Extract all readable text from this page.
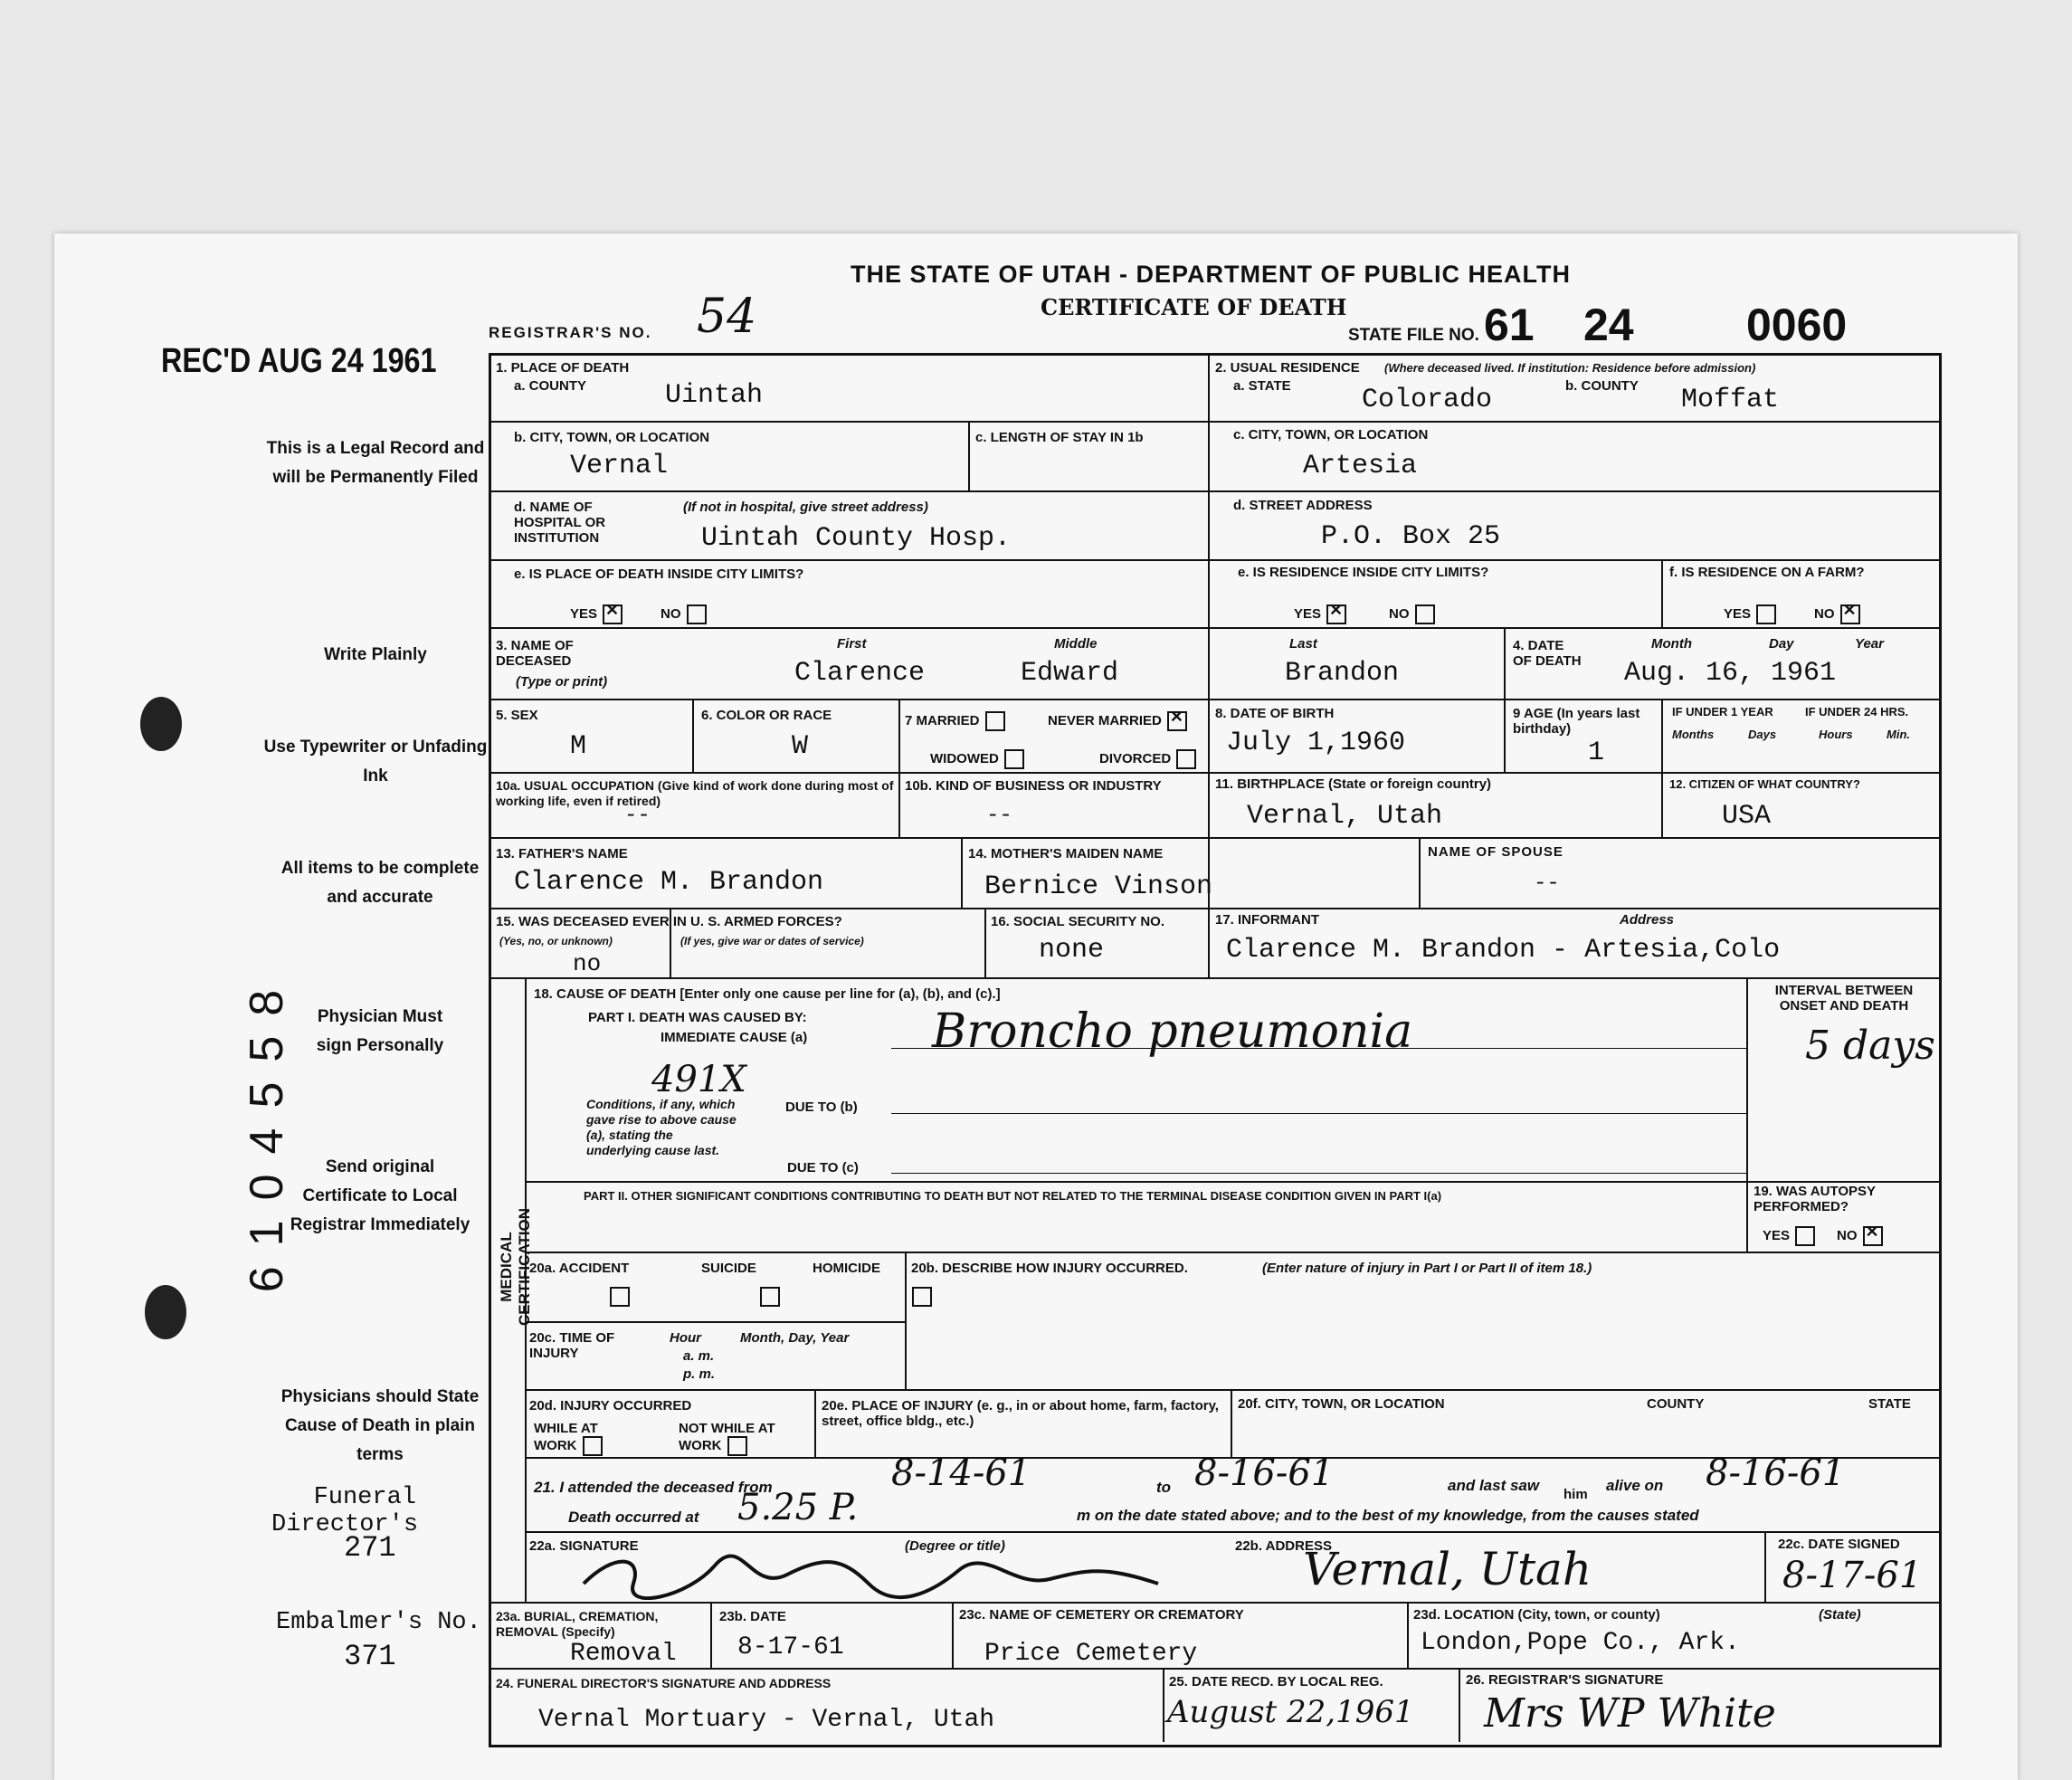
THE STATE OF UTAH - DEPARTMENT OF PUBLIC HEALTH
CERTIFICATE OF DEATH
REGISTRAR'S NO. 54	STATE FILE NO. 61 24 0060
REC'D AUG 24 1961
This is a Legal Record and will be Permanently Filed
Write Plainly
Use Typewriter or Unfading Ink
All items to be complete and accurate
Physician Must sign Personally
Send original Certificate to Local Registrar Immediately
Physicians should State Cause of Death in plain terms
Funeral Director's
271
Embalmer's No.
371
6104558
1. PLACE OF DEATH
a. COUNTY	Uintah
2. USUAL RESIDENCE (Where deceased lived. If institution: Residence before admission)
a. STATE	Colorado	b. COUNTY Moffat
b. CITY, TOWN, OR LOCATION
Vernal
c. LENGTH OF STAY IN 1b	c. CITY, TOWN, OR LOCATION
Artesia
d. NAME OF HOSPITAL OR INSTITUTION
(If not in hospital, give street address)
Uintah County Hosp.
d. STREET ADDRESS
P.O. Box 25
e. IS PLACE OF DEATH INSIDE CITY LIMITS?
YES ✕	NO
e. IS RESIDENCE INSIDE CITY LIMITS?
YES ✕	NO
f. IS RESIDENCE ON A FARM?
YES	NO✕
3. NAME OF DECEASED
(Type or print)
First	Middle	Last
Clarence	Edward	Brandon
4. DATE OF DEATH
Month	Day	Year
Aug. 16, 1961
5. SEX
M
6. COLOR OR RACE
W
7 MARRIED	NEVER MARRIED✕
WIDOWED	DIVORCED
8. DATE OF BIRTH
July 1,1960
9 AGE (In years last birthday)
1
IF UNDER 1 YEAR	IF UNDER 24 HRS.
Months	Days	Hours	Min.
10a. USUAL OCCUPATION (Give kind of work done during most of working life, even if retired)
--
10b. KIND OF BUSINESS OR INDUSTRY
--
11. BIRTHPLACE (State or foreign country)
Vernal, Utah
12. CITIZEN OF WHAT COUNTRY?
USA
13. FATHER'S NAME
Clarence M. Brandon
14. MOTHER'S MAIDEN NAME
Bernice Vinson
NAME OF SPOUSE
--
15. WAS DECEASED EVER IN U. S. ARMED FORCES?
(Yes, no, or unknown)	(If yes, give war or dates of service)
no
16. SOCIAL SECURITY NO.
none
17. INFORMANT	Address
Clarence M. Brandon - Artesia,Colo
MEDICAL CERTIFICATION
18. CAUSE OF DEATH [Enter only one cause per line for (a), (b), and (c).]
PART I. DEATH WAS CAUSED BY:
IMMEDIATE CAUSE (a)	Broncho pneumonia
491X
Conditions, if any, which gave rise to above cause (a), stating the underlying cause last.
DUE TO (b)
DUE TO (c)
INTERVAL BETWEEN ONSET AND DEATH
5 days
PART II. OTHER SIGNIFICANT CONDITIONS CONTRIBUTING TO DEATH BUT NOT RELATED TO THE TERMINAL DISEASE CONDITION GIVEN IN PART I(a)	19. WAS AUTOPSY PERFORMED?
YES	NO✕
20a. ACCIDENT	SUICIDE	HOMICIDE
20b. DESCRIBE HOW INJURY OCCURRED.	(Enter nature of injury in Part I or Part II of item 18.)
20c. TIME OF INJURY
Hour
a. m.
p. m.
Month, Day, Year
20d. INJURY OCCURRED
WHILE AT WORK
NOT WHILE AT WORK
20e. PLACE OF INJURY (e. g., in or about home, farm, factory, street, office bldg., etc.)
20f. CITY, TOWN, OR LOCATION	COUNTY	STATE
21. I attended the deceased from	8-14-61	to 8-16-61	and last saw
him
alive on 8-16-61
Death occurred at 5.25 P.	m on the date stated above; and to the best of my knowledge, from the causes stated
22a. SIGNATURE	(Degree or title)	22b. ADDRESS
Vernal, Utah	22c. DATE SIGNED
8-17-61
23a. BURIAL, CREMATION, REMOVAL (Specify)
Removal
23b. DATE
8-17-61
23c. NAME OF CEMETERY OR CREMATORY
Price Cemetery
23d. LOCATION (City, town, or county)	(State)
London,Pope Co., Ark.
24. FUNERAL DIRECTOR'S SIGNATURE AND ADDRESS
Vernal Mortuary - Vernal, Utah
25. DATE RECD. BY LOCAL REG.
August 22,1961
26. REGISTRAR'S SIGNATURE
Mrs WP White
